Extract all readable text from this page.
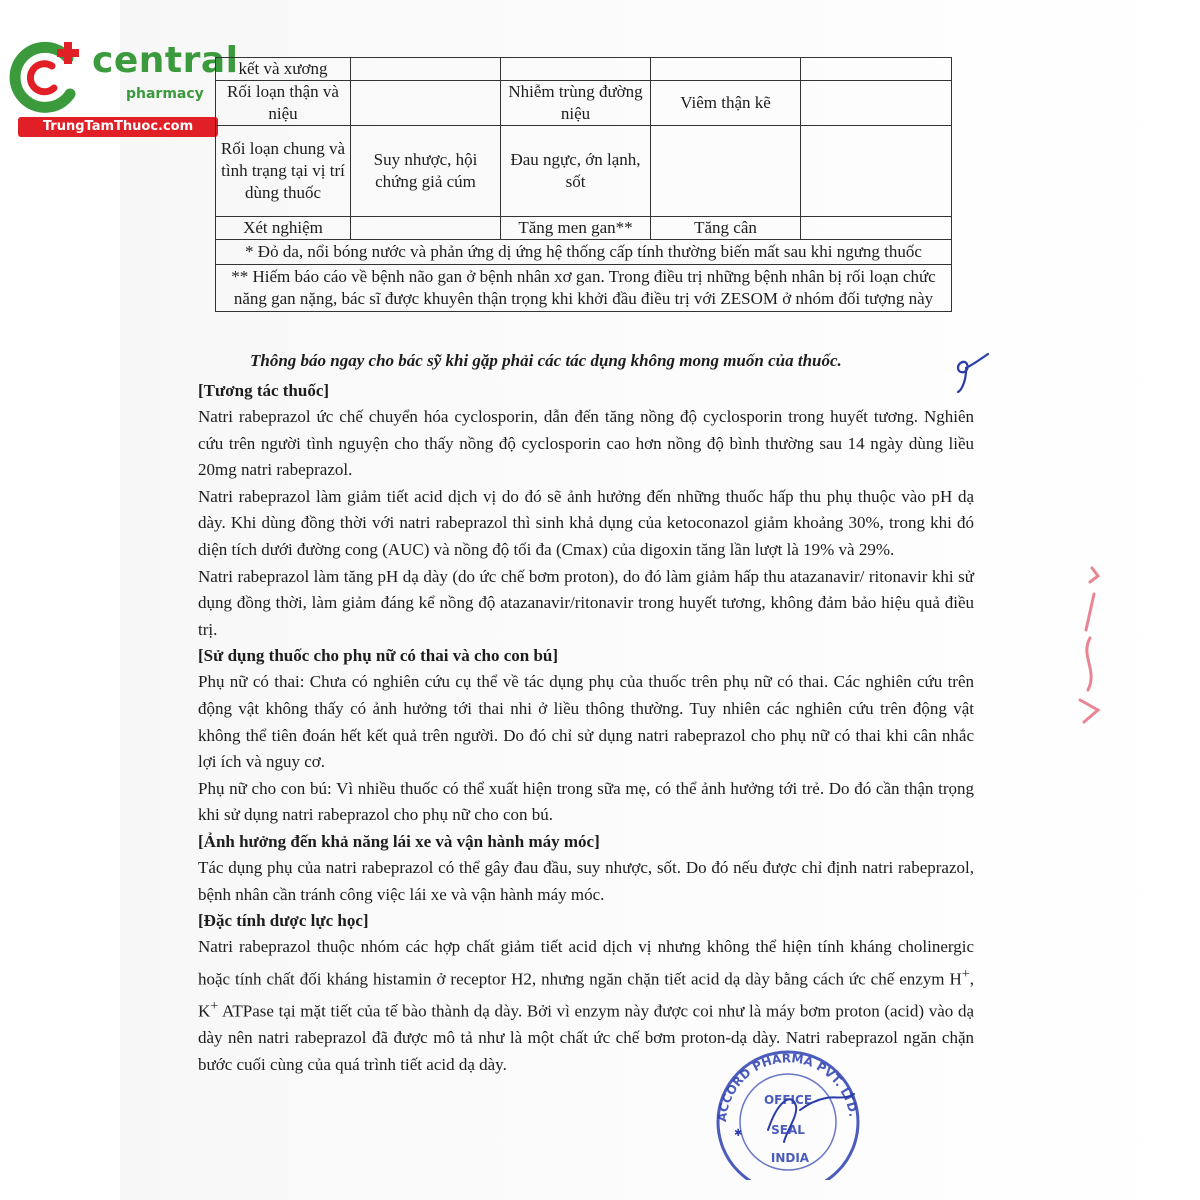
central
pharmacy
TrungTamThuoc.com
kết và xương				
Rối loạn thận và niệu		Nhiễm trùng đường niệu	Viêm thận kẽ	
Rối loạn chung và tình trạng tại vị trí dùng thuốc	Suy nhược, hội chứng giả cúm	Đau ngực, ớn lạnh, sốt		
Xét nghiệm		Tăng men gan**	Tăng cân	
* Đỏ da, nổi bóng nước và phản ứng dị ứng hệ thống cấp tính thường biến mất sau khi ngưng thuốc				
** Hiếm báo cáo về bệnh não gan ở bệnh nhân xơ gan. Trong điều trị những bệnh nhân bị rối loạn chức năng gan nặng, bác sĩ được khuyên thận trọng khi khởi đầu điều trị với ZESOM ở nhóm đối tượng này				
Thông báo ngay cho bác sỹ khi gặp phải các tác dụng không mong muốn của thuốc.
[Tương tác thuốc]

Natri rabeprazol ức chế chuyển hóa cyclosporin, dẫn đến tăng nồng độ cyclosporin trong huyết tương. Nghiên cứu trên người tình nguyện cho thấy nồng độ cyclosporin cao hơn nồng độ bình thường sau 14 ngày dùng liều 20mg natri rabeprazol.

Natri rabeprazol làm giảm tiết acid dịch vị do đó sẽ ảnh hưởng đến những thuốc hấp thu phụ thuộc vào pH dạ dày. Khi dùng đồng thời với natri rabeprazol thì sinh khả dụng của ketoconazol giảm khoảng 30%, trong khi đó diện tích dưới đường cong (AUC) và nồng độ tối đa (Cmax) của digoxin tăng lần lượt là 19% và 29%.

Natri rabeprazol làm tăng pH dạ dày (do ức chế bơm proton), do đó làm giảm hấp thu atazanavir/ ritonavir khi sử dụng đồng thời, làm giảm đáng kể nồng độ atazanavir/ritonavir trong huyết tương, không đảm bảo hiệu quả điều trị.

[Sử dụng thuốc cho phụ nữ có thai và cho con bú]

Phụ nữ có thai: Chưa có nghiên cứu cụ thể về tác dụng phụ của thuốc trên phụ nữ có thai. Các nghiên cứu trên động vật không thấy có ảnh hưởng tới thai nhi ở liều thông thường. Tuy nhiên các nghiên cứu trên động vật không thể tiên đoán hết kết quả trên người. Do đó chỉ sử dụng natri rabeprazol cho phụ nữ có thai khi cân nhắc lợi ích và nguy cơ.

Phụ nữ cho con bú: Vì nhiều thuốc có thể xuất hiện trong sữa mẹ, có thể ảnh hưởng tới trẻ. Do đó cần thận trọng khi sử dụng natri rabeprazol cho phụ nữ cho con bú.

[Ảnh hưởng đến khả năng lái xe và vận hành máy móc]

Tác dụng phụ của natri rabeprazol có thể gây đau đầu, suy nhược, sốt. Do đó nếu được chỉ định natri rabeprazol, bệnh nhân cần tránh công việc lái xe và vận hành máy móc.

[Đặc tính dược lực học]

Natri rabeprazol thuộc nhóm các hợp chất giảm tiết acid dịch vị nhưng không thể hiện tính kháng cholinergic hoặc tính chất đối kháng histamin ở receptor H2, nhưng ngăn chặn tiết acid dạ dày bằng cách ức chế enzym H+, K+ ATPase tại mặt tiết của tế bào thành dạ dày. Bởi vì enzym này được coi như là máy bơm proton (acid) vào dạ dày nên natri rabeprazol đã được mô tả như là một chất ức chế bơm proton-dạ dày. Natri rabeprazol ngăn chặn bước cuối cùng của quá trình tiết acid dạ dày.

ACCORD PHARMA PVT. LTD.
OFFICE
SEAL
INDIA
✱
